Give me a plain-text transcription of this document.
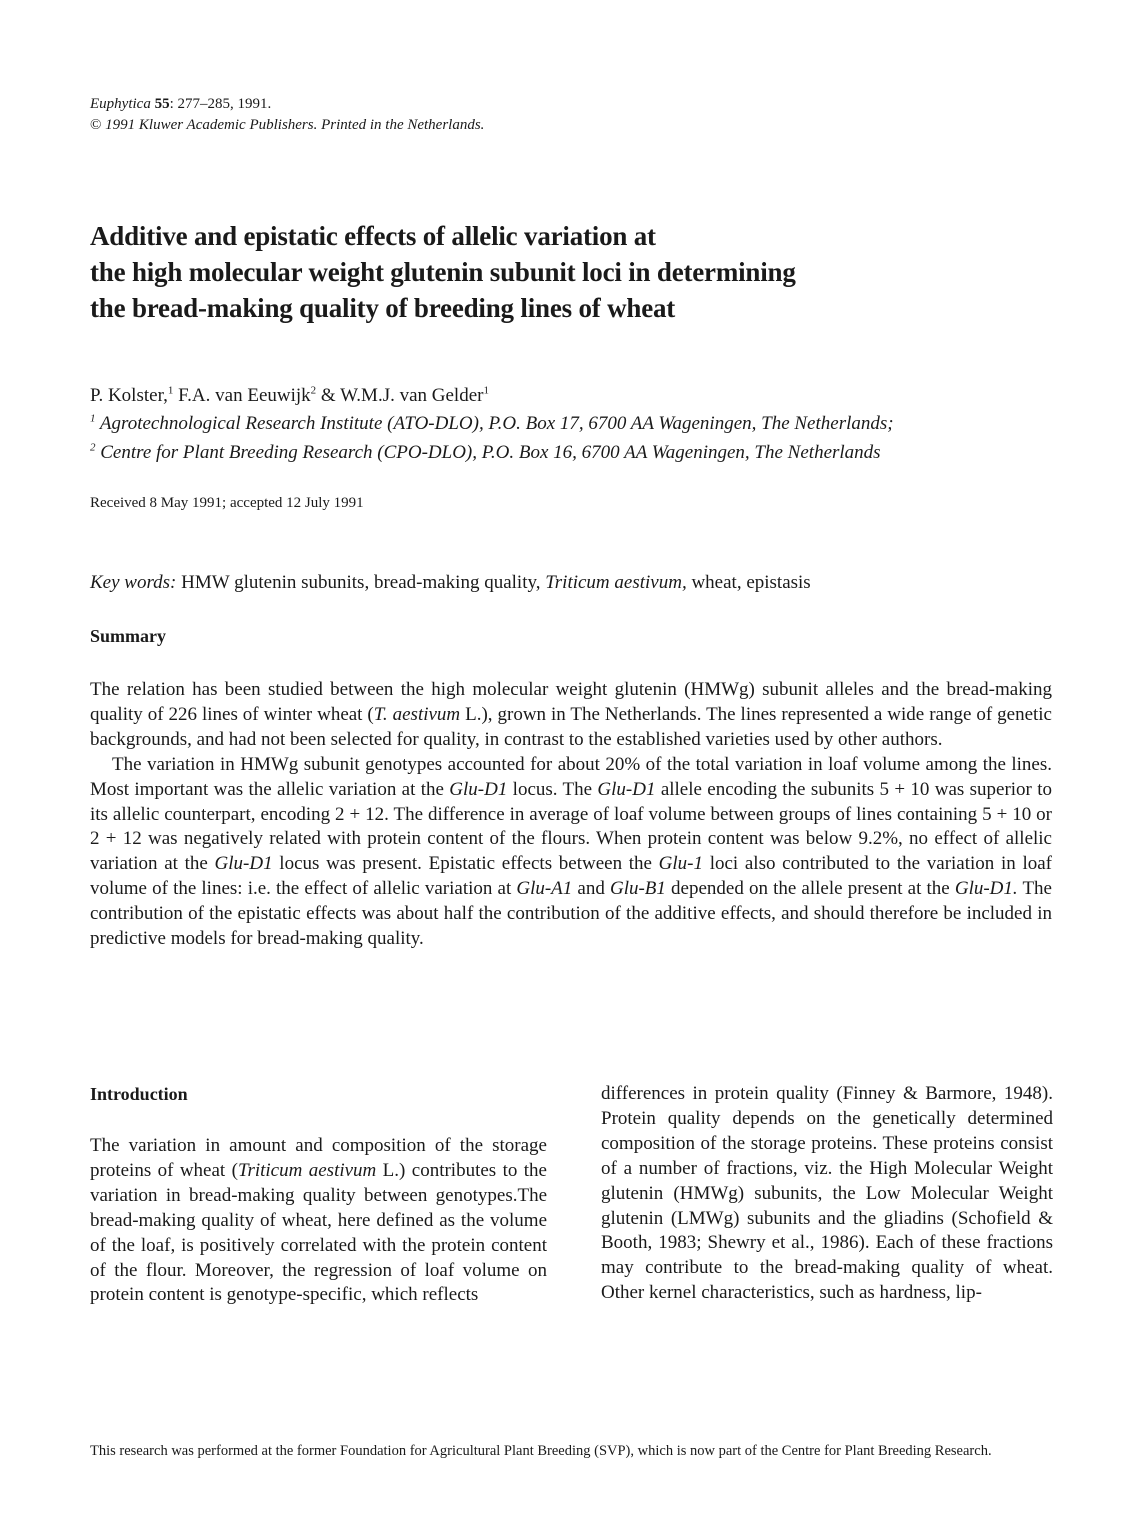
Euphytica 55: 277–285, 1991.
© 1991 Kluwer Academic Publishers. Printed in the Netherlands.
Additive and epistatic effects of allelic variation at
the high molecular weight glutenin subunit loci in determining
the bread-making quality of breeding lines of wheat
P. Kolster,$^1$ F.A. van Eeuwijk$^2$ & W.M.J. van Gelder$^1$
$^1$ Agrotechnological Research Institute (ATO-DLO), P.O. Box 17, 6700 AA Wageningen, The Netherlands;
$^2$ Centre for Plant Breeding Research (CPO-DLO), P.O. Box 16, 6700 AA Wageningen, The Netherlands
Received 8 May 1991; accepted 12 July 1991
Key words: HMW glutenin subunits, bread-making quality, Triticum aestivum, wheat, epistasis
Summary

The relation has been studied between the high molecular weight glutenin (HMWg) subunit alleles and the bread-making quality of 226 lines of winter wheat (T. aestivum L.), grown in The Netherlands. The lines represented a wide range of genetic backgrounds, and had not been selected for quality, in contrast to the established varieties used by other authors.

The variation in HMWg subunit genotypes accounted for about 20% of the total variation in loaf volume among the lines. Most important was the allelic variation at the Glu-D1 locus. The Glu-D1 allele encoding the subunits 5 + 10 was superior to its allelic counterpart, encoding 2 + 12. The difference in average of loaf volume between groups of lines containing 5 + 10 or 2 + 12 was negatively related with protein content of the flours. When protein content was below 9.2%, no effect of allelic variation at the Glu-D1 locus was present. Epistatic effects between the Glu-1 loci also contributed to the variation in loaf volume of the lines: i.e. the effect of allelic variation at Glu-A1 and Glu-B1 depended on the allele present at the Glu-D1. The contribution of the epistatic effects was about half the contribution of the additive effects, and should therefore be included in predictive models for bread-making quality.

Introduction

The variation in amount and composition of the storage proteins of wheat (Triticum aestivum L.) contributes to the variation in bread-making quality between genotypes.The bread-making quality of wheat, here defined as the volume of the loaf, is positively correlated with the protein content of the flour. Moreover, the regression of loaf volume on protein content is genotype-specific, which reflects

differences in protein quality (Finney & Barmore, 1948). Protein quality depends on the genetically determined composition of the storage proteins. These proteins consist of a number of fractions, viz. the High Molecular Weight glutenin (HMWg) subunits, the Low Molecular Weight glutenin (LMWg) subunits and the gliadins (Schofield & Booth, 1983; Shewry et al., 1986). Each of these fractions may contribute to the bread-making quality of wheat. Other kernel characteristics, such as hardness, lip-

This research was performed at the former Foundation for Agricultural Plant Breeding (SVP), which is now part of the Centre for Plant Breeding Research.
